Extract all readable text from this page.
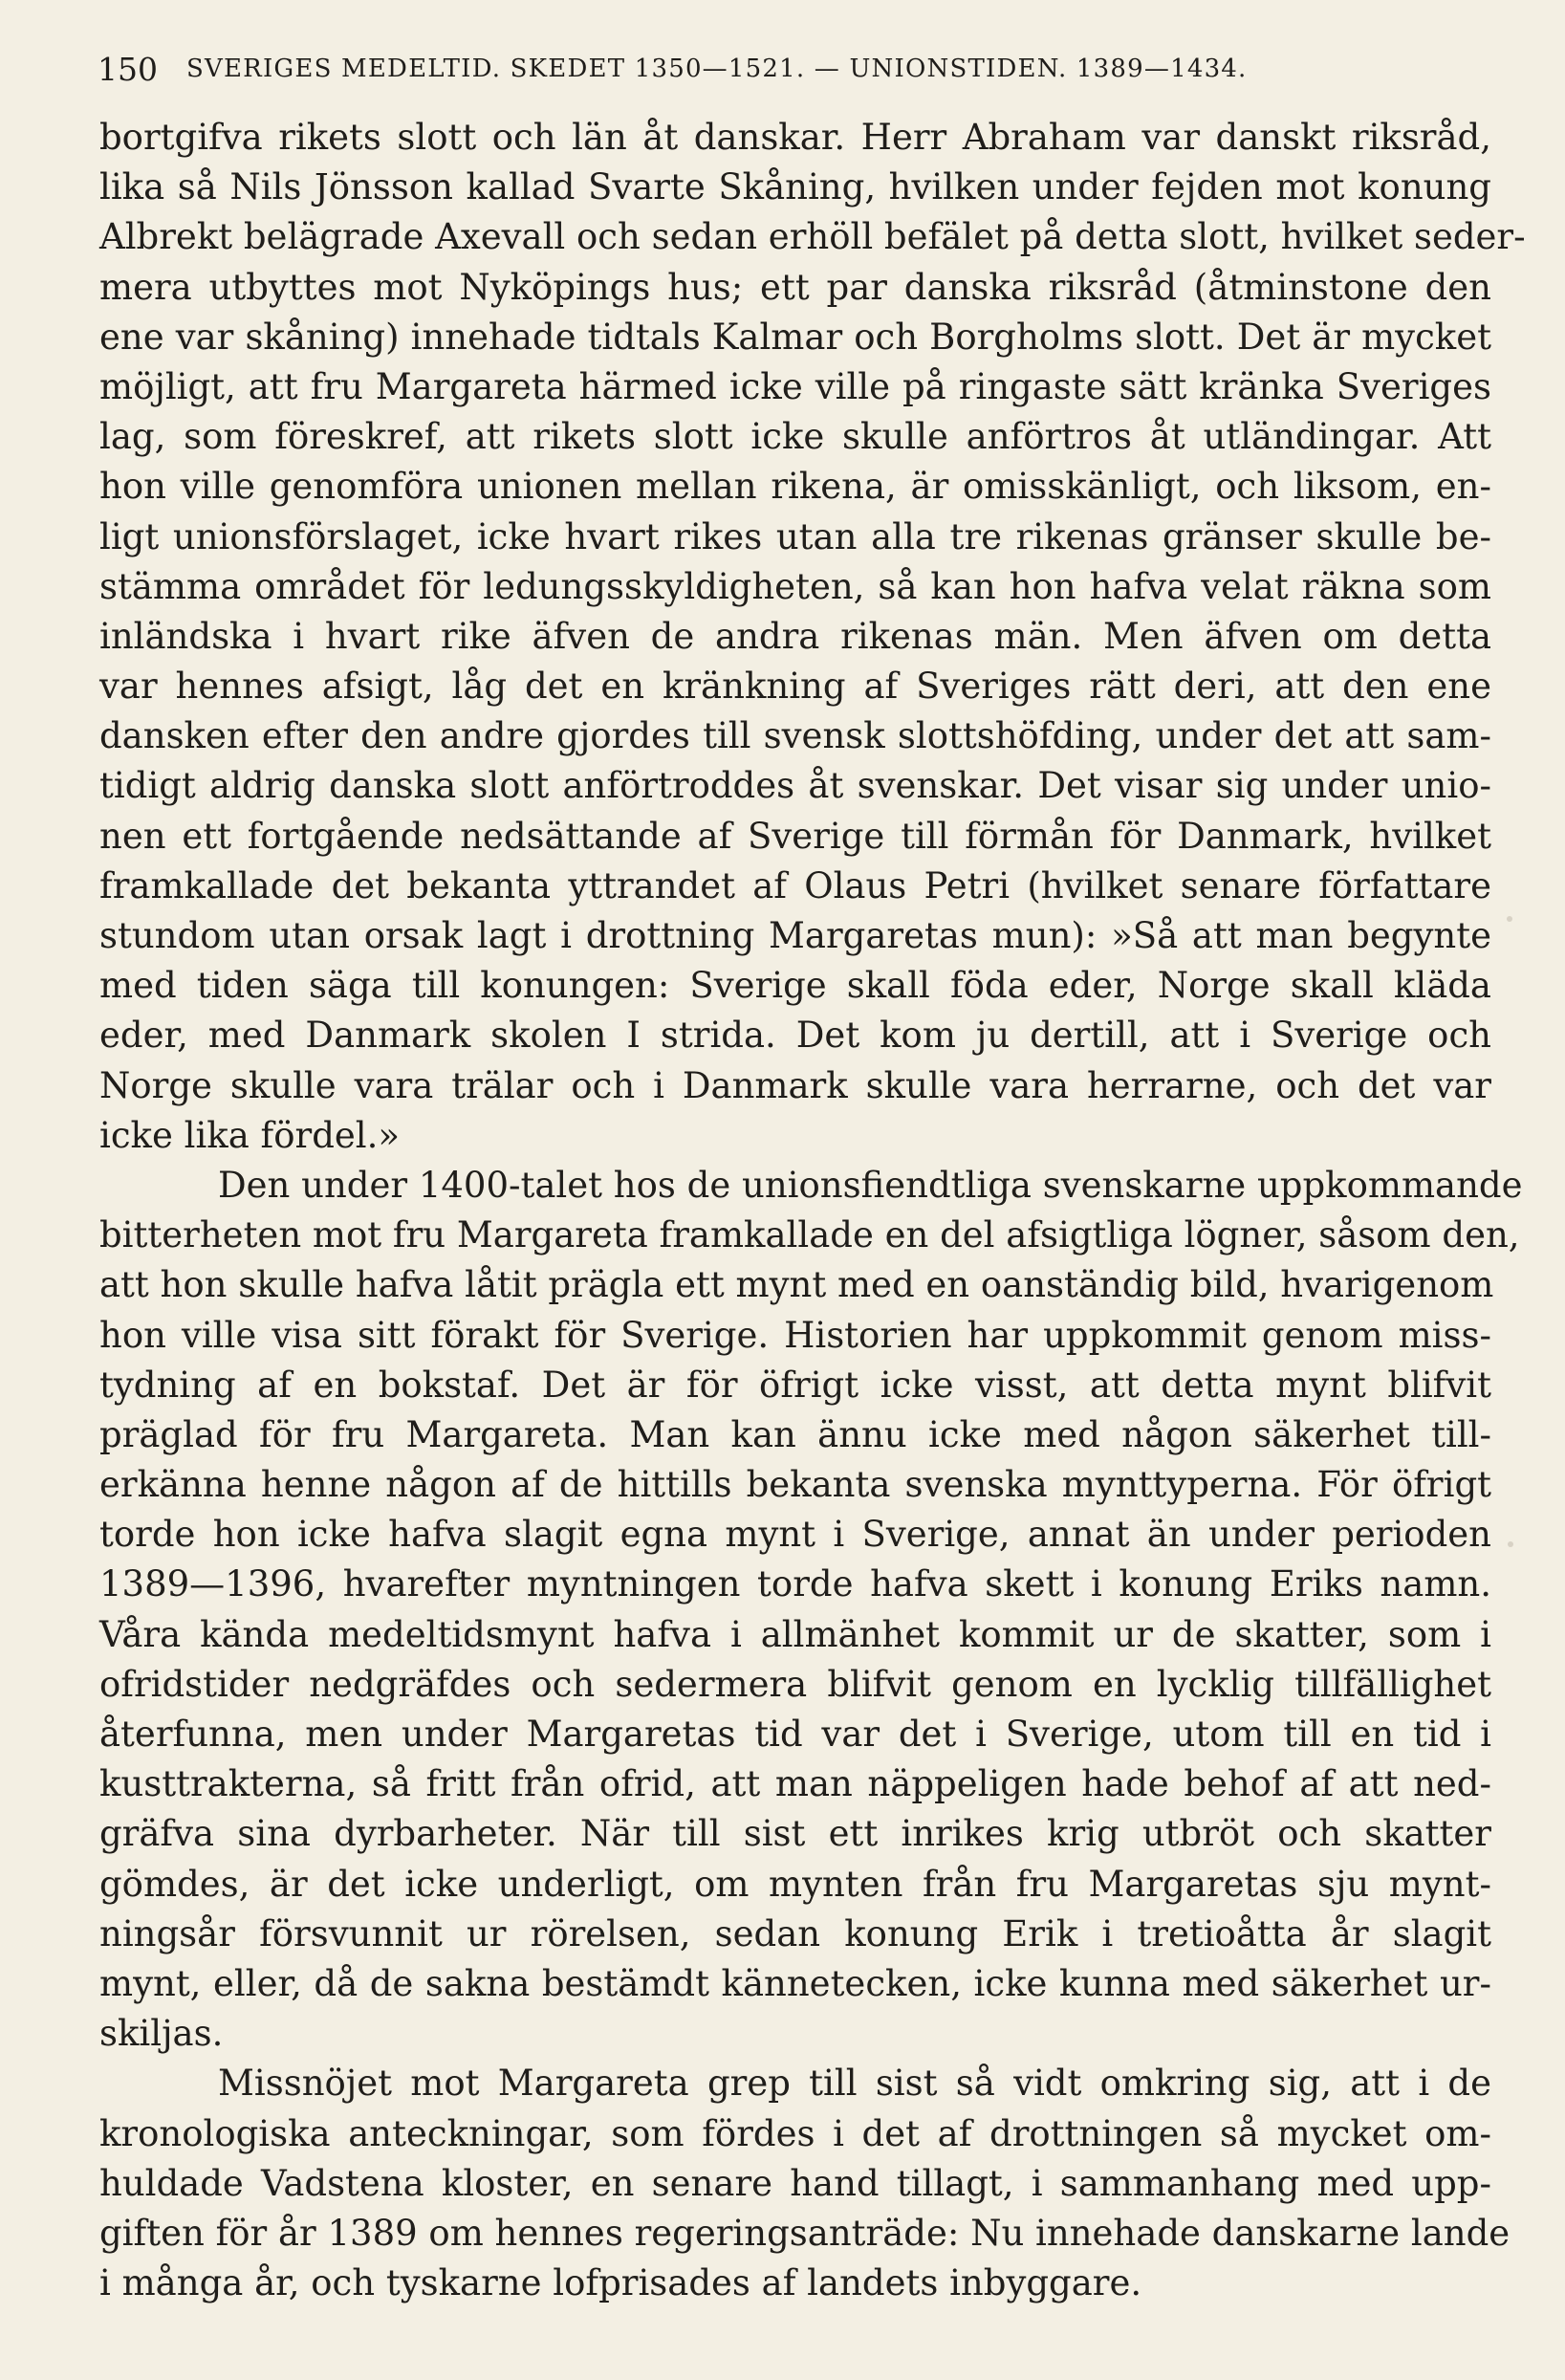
150 SVERIGES MEDELTID. SKEDET 1350—1521. — UNIONSTIDEN. 1389—1434.
bortgifva rikets slott och län åt danskar. Herr Abraham var danskt riksråd,
lika så Nils Jönsson kallad Svarte Skåning, hvilken under fejden mot konung
Albrekt belägrade Axevall och sedan erhöll befälet på detta slott, hvilket seder-
mera utbyttes mot Nyköpings hus; ett par danska riksråd (åtminstone den
ene var skåning) innehade tidtals Kalmar och Borgholms slott. Det är mycket
möjligt, att fru Margareta härmed icke ville på ringaste sätt kränka Sveriges
lag, som föreskref, att rikets slott icke skulle anförtros åt utländingar. Att
hon ville genomföra unionen mellan rikena, är omisskänligt, och liksom, en-
ligt unionsförslaget, icke hvart rikes utan alla tre rikenas gränser skulle be-
stämma området för ledungsskyldigheten, så kan hon hafva velat räkna som
inländska i hvart rike äfven de andra rikenas män. Men äfven om detta
var hennes afsigt, låg det en kränkning af Sveriges rätt deri, att den ene
dansken efter den andre gjordes till svensk slottshöfding, under det att sam-
tidigt aldrig danska slott anförtroddes åt svenskar. Det visar sig under unio-
nen ett fortgående nedsättande af Sverige till förmån för Danmark, hvilket
framkallade det bekanta yttrandet af Olaus Petri (hvilket senare författare
stundom utan orsak lagt i drottning Margaretas mun): »Så att man begynte
med tiden säga till konungen: Sverige skall föda eder, Norge skall kläda
eder, med Danmark skolen I strida. Det kom ju dertill, att i Sverige och
Norge skulle vara trälar och i Danmark skulle vara herrarne, och det var
icke lika fördel.»
Den under 1400-talet hos de unionsfiendtliga svenskarne uppkommande
bitterheten mot fru Margareta framkallade en del afsigtliga lögner, såsom den,
att hon skulle hafva låtit prägla ett mynt med en oanständig bild, hvarigenom
hon ville visa sitt förakt för Sverige. Historien har uppkommit genom miss-
tydning af en bokstaf. Det är för öfrigt icke visst, att detta mynt blifvit
präglad för fru Margareta. Man kan ännu icke med någon säkerhet till-
erkänna henne någon af de hittills bekanta svenska mynttyperna. För öfrigt
torde hon icke hafva slagit egna mynt i Sverige, annat än under perioden
1389—1396, hvarefter myntningen torde hafva skett i konung Eriks namn.
Våra kända medeltidsmynt hafva i allmänhet kommit ur de skatter, som i
ofridstider nedgräfdes och sedermera blifvit genom en lycklig tillfällighet
återfunna, men under Margaretas tid var det i Sverige, utom till en tid i
kusttrakterna, så fritt från ofrid, att man näppeligen hade behof af att ned-
gräfva sina dyrbarheter. När till sist ett inrikes krig utbröt och skatter
gömdes, är det icke underligt, om mynten från fru Margaretas sju mynt-
ningsår försvunnit ur rörelsen, sedan konung Erik i tretioåtta år slagit
mynt, eller, då de sakna bestämdt kännetecken, icke kunna med säkerhet ur-
skiljas.
Missnöjet mot Margareta grep till sist så vidt omkring sig, att i de
kronologiska anteckningar, som fördes i det af drottningen så mycket om-
huldade Vadstena kloster, en senare hand tillagt, i sammanhang med upp-
giften för år 1389 om hennes regeringsanträde: Nu innehade danskarne lande
i många år, och tyskarne lofprisades af landets inbyggare.
